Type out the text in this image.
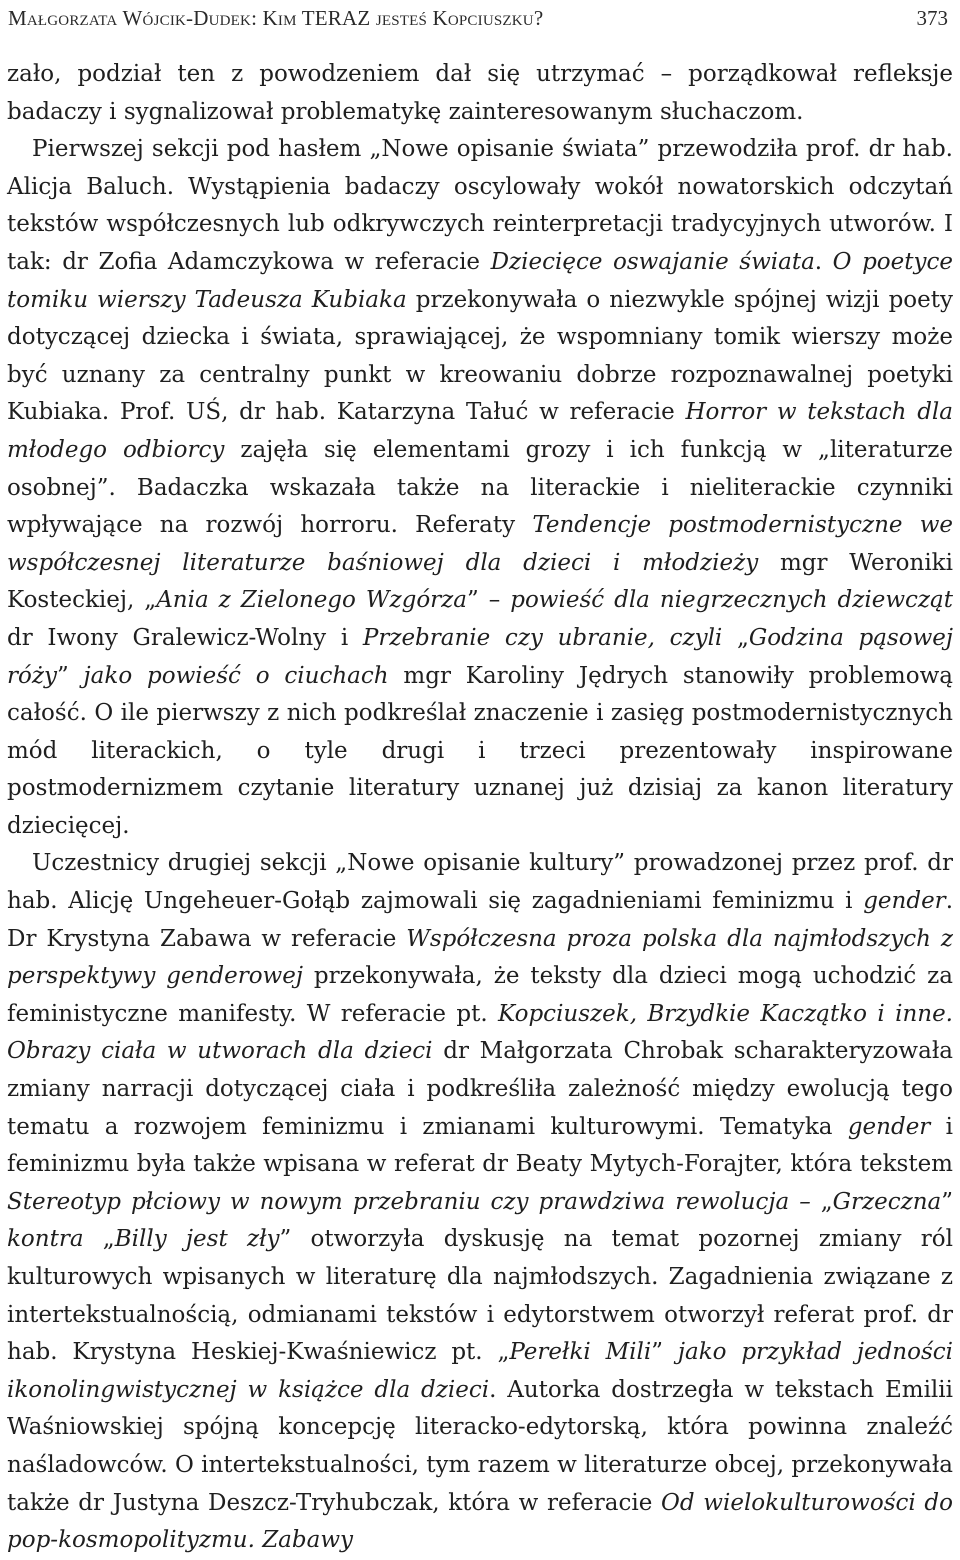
Małgorzata Wójcik-Dudek: Kim TERAZ jesteś Kopciuszku?	373

zało, podział ten z powodzeniem dał się utrzymać – porządkował refleksje badaczy i sygnalizował problematykę zainteresowanym słuchaczom.

Pierwszej sekcji pod hasłem „Nowe opisanie świata” przewodziła prof. dr hab. Alicja Baluch. Wystąpienia badaczy oscylowały wokół nowatorskich odczytań tekstów współczesnych lub odkrywczych reinterpretacji tradycyjnych utworów. I tak: dr Zofia Adamczykowa w referacie Dziecięce oswajanie świata. O poetyce tomiku wierszy Tadeusza Kubiaka przekonywała o niezwykle spójnej wizji poety dotyczącej dziecka i świata, sprawiającej, że wspomniany tomik wierszy może być uznany za centralny punkt w kreowaniu dobrze rozpoznawalnej poetyki Kubiaka. Prof. UŚ, dr hab. Katarzyna Tałuć w referacie Horror w tekstach dla młodego odbiorcy zajęła się elementami grozy i ich funkcją w „literaturze osobnej”. Badaczka wskazała także na literackie i nieliterackie czynniki wpływające na rozwój horroru. Referaty Tendencje postmodernistyczne we współczesnej literaturze baśniowej dla dzieci i młodzieży mgr Weroniki Kosteckiej, „Ania z Zielonego Wzgórza” – powieść dla niegrzecznych dziewcząt dr Iwony Gralewicz-Wolny i Przebranie czy ubranie, czyli „Godzina pąsowej róży” jako powieść o ciuchach mgr Karoliny Jędrych stanowiły problemową całość. O ile pierwszy z nich podkreślał znaczenie i zasięg postmodernistycznych mód literackich, o tyle drugi i trzeci prezentowały inspirowane postmodernizmem czytanie literatury uznanej już dzisiaj za kanon literatury dziecięcej.

Uczestnicy drugiej sekcji „Nowe opisanie kultury” prowadzonej przez prof. dr hab. Alicję Ungeheuer-Gołąb zajmowali się zagadnieniami feminizmu i gender. Dr Krystyna Zabawa w referacie Współczesna proza polska dla najmłodszych z perspektywy genderowej przekonywała, że teksty dla dzieci mogą uchodzić za feministyczne manifesty. W referacie pt. Kopciuszek, Brzydkie Kaczątko i inne. Obrazy ciała w utworach dla dzieci dr Małgorzata Chrobak scharakteryzowała zmiany narracji dotyczącej ciała i podkreśliła zależność między ewolucją tego tematu a rozwojem feminizmu i zmianami kulturowymi. Tematyka gender i feminizmu była także wpisana w referat dr Beaty Mytych-Forajter, która tekstem Stereotyp płciowy w nowym przebraniu czy prawdziwa rewolucja – „Grzeczna” kontra „Billy jest zły” otworzyła dyskusję na temat pozornej zmiany ról kulturowych wpisanych w literaturę dla najmłodszych. Zagadnienia związane z intertekstualnością, odmianami tekstów i edytorstwem otworzył referat prof. dr hab. Krystyna Heskiej-Kwaśniewicz pt. „Perełki Mili” jako przykład jedności ikonolingwistycznej w książce dla dzieci. Autorka dostrzegła w tekstach Emilii Waśniowskiej spójną koncepcję literacko-edytorską, która powinna znaleźć naśladowców. O intertekstualności, tym razem w literaturze obcej, przekonywała także dr Justyna Deszcz-Tryhubczak, która w referacie Od wielokulturowości do pop-kosmopolityzmu. Zabawy
